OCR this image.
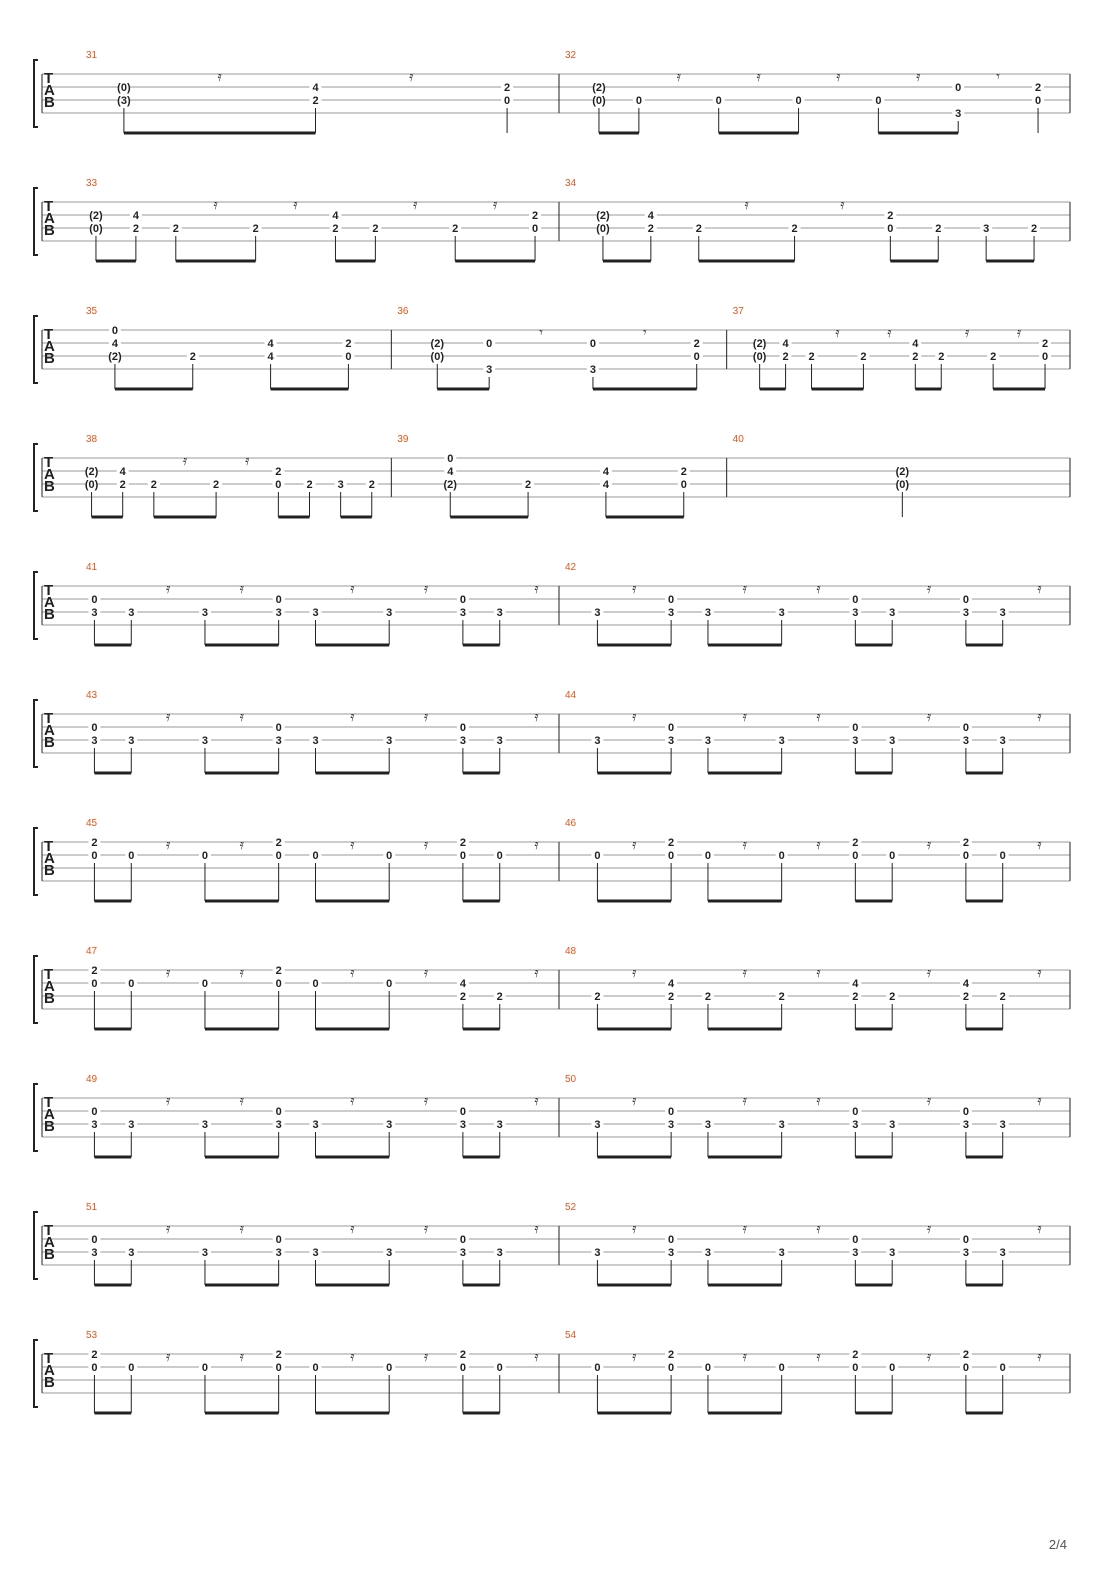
T
A
B
31
(0)
(3)
𝄿
4
2
𝄿
2
0
32
(2)
(0)	0
𝄿
0
𝄿
0
𝄿
0
𝄿
0
3
𝄾
2
0
T
A
B
33
(2)
(0)
4
2	2
𝄿
2
𝄿
4
2	2
𝄿
2
𝄿
2
0
34
(2)
(0)
4
2	2
𝄿
2
𝄿
2
0	2	3	2
T
A
B
35
(2)
4
0
2	4
4	2
0
36
(2)
(0)
0
3
𝄾
0
3
𝄾
2
0
37
(2)
(0)
4
2 2
𝄿
2
𝄿
4
2 2
𝄿
2
𝄿
2
0
T
A
B
38
(2)
(0)
4
2 2
𝄿
2
𝄿
2
0 2 3 2
39
(2)
4
0
2	4
4	2
0
40
(2)
(0)
T
A
B
41
0
3	3
𝄿
3
𝄿
0
3	3
𝄿
3
𝄿
0
3	3
𝄿
42
3
𝄿
0
3	3
𝄿
3
𝄿
0
3	3
𝄿
0
3	3
𝄿
T
A
B
43
0
3	3
𝄿
3
𝄿
0
3	3
𝄿
3
𝄿
0
3	3
𝄿
44
3
𝄿
0
3	3
𝄿
3
𝄿
0
3	3
𝄿
0
3	3
𝄿
T
A
B
45
2
0	0
𝄿
0
𝄿	2
0	0
𝄿
0
𝄿	2
0	0
𝄿
46
0
𝄿	2
0	0
𝄿
0
𝄿	2
0	0
𝄿	2
0	0
𝄿
T
A
B
47
2
0	0
𝄿
0
𝄿	2
0	0
𝄿
0
𝄿
4
2	2
𝄿
48
2
𝄿
4
2	2
𝄿
2
𝄿
4
2	2
𝄿
4
2	2
𝄿
T
A
B
49
0
3	3
𝄿
3
𝄿
0
3	3
𝄿
3
𝄿
0
3	3
𝄿
50
3
𝄿
0
3	3
𝄿
3
𝄿
0
3	3
𝄿
0
3	3
𝄿
T
A
B
51
0
3	3
𝄿
3
𝄿
0
3	3
𝄿
3
𝄿
0
3	3
𝄿
52
3
𝄿
0
3	3
𝄿
3
𝄿
0
3	3
𝄿
0
3	3
𝄿
T
A
B
53
2
0	0
𝄿
0
𝄿	2
0	0
𝄿
0
𝄿	2
0	0
𝄿
54
0
𝄿	2
0	0
𝄿
0
𝄿	2
0	0
𝄿	2
0	0
𝄿
2/4
